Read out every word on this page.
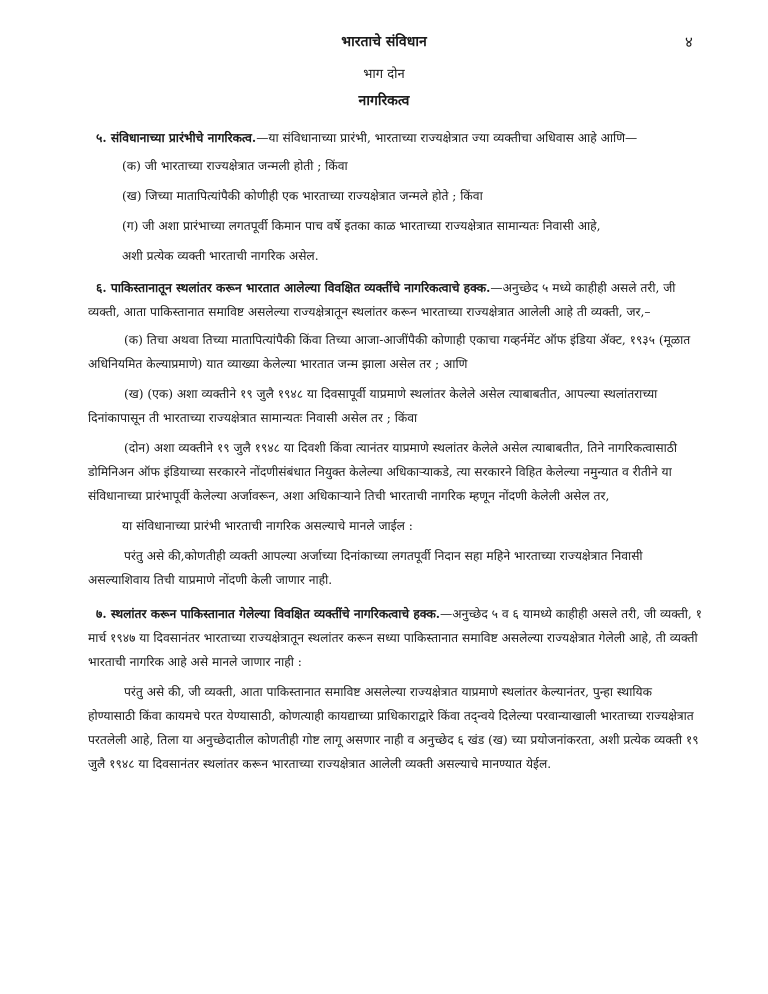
भारताचे संविधान	४
भाग दोन
नागरिकत्व
५. संविधानाच्या प्रारंभीचे नागरिकत्व.—या संविधानाच्या प्रारंभी, भारताच्या राज्यक्षेत्रात ज्या व्यक्तीचा अधिवास आहे आणि—
(क) जी भारताच्या राज्यक्षेत्रात जन्मली होती ; किंवा
(ख) जिच्या मातापित्यांपैकी कोणीही एक भारताच्या राज्यक्षेत्रात जन्मले होते ; किंवा
(ग) जी अशा प्रारंभाच्या लगतपूर्वी किमान पाच वर्षे इतका काळ भारताच्या राज्यक्षेत्रात सामान्यतः निवासी आहे,
अशी प्रत्येक व्यक्ती भारताची नागरिक असेल.
६. पाकिस्तानातून स्थलांतर करून भारतात आलेल्या विवक्षित व्यक्तींचे नागरिकत्वाचे हक्क.—अनुच्छेद ५ मध्ये काहीही असले तरी, जी व्यक्ती, आता पाकिस्तानात समाविष्ट असलेल्या राज्यक्षेत्रातून स्थलांतर करून भारताच्या राज्यक्षेत्रात आलेली आहे ती व्यक्ती, जर,–
(क) तिचा अथवा तिच्या मातापित्यांपैकी किंवा तिच्या आजा-आजींपैकी कोणाही एकाचा गव्हर्नमेंट ऑफ इंडिया ॲक्ट, १९३५ (मूळात अधिनियमित केल्याप्रमाणे) यात व्याख्या केलेल्या भारतात जन्म झाला असेल तर ; आणि
(ख) (एक) अशा व्यक्तीने १९ जुलै १९४८ या दिवसापूर्वी याप्रमाणे स्थलांतर केलेले असेल त्याबाबतीत, आपल्या स्थलांतराच्या दिनांकापासून ती भारताच्या राज्यक्षेत्रात सामान्यतः निवासी असेल तर ; किंवा
(दोन) अशा व्यक्तीने १९ जुलै १९४८ या दिवशी किंवा त्यानंतर याप्रमाणे स्थलांतर केलेले असेल त्याबाबतीत, तिने नागरिकत्वासाठी डोमिनिअन ऑफ इंडियाच्या सरकारने नोंदणीसंबंधात नियुक्त केलेल्या अधिकाऱ्याकडे, त्या सरकारने विहित केलेल्या नमुन्यात व रीतीने या संविधानाच्या प्रारंभापूर्वी केलेल्या अर्जावरून, अशा अधिकाऱ्याने तिची भारताची नागरिक म्हणून नोंदणी केलेली असेल तर,
या संविधानाच्या प्रारंभी भारताची नागरिक असल्याचे मानले जाईल :
परंतु असे की,कोणतीही व्यक्ती आपल्या अर्जाच्या दिनांकाच्या लगतपूर्वी निदान सहा महिने भारताच्या राज्यक्षेत्रात निवासी असल्याशिवाय तिची याप्रमाणे नोंदणी केली जाणार नाही.
७. स्थलांतर करून पाकिस्तानात गेलेल्या विवक्षित व्यक्तींचे नागरिकत्वाचे हक्क.—अनुच्छेद ५ व ६ यामध्ये काहीही असले तरी, जी व्यक्ती, १ मार्च १९४७ या दिवसानंतर भारताच्या राज्यक्षेत्रातून स्थलांतर करून सध्या पाकिस्तानात समाविष्ट असलेल्या राज्यक्षेत्रात गेलेली आहे, ती व्यक्ती भारताची नागरिक आहे असे मानले जाणार नाही :
परंतु असे की, जी व्यक्ती, आता पाकिस्तानात समाविष्ट असलेल्या राज्यक्षेत्रात याप्रमाणे स्थलांतर केल्यानंतर, पुन्हा स्थायिक होण्यासाठी किंवा कायमचे परत येण्यासाठी, कोणत्याही कायद्याच्या प्राधिकाराद्वारे किंवा तद्न्वये दिलेल्या परवान्याखाली भारताच्या राज्यक्षेत्रात परतलेली आहे, तिला या अनुच्छेदातील कोणतीही गोष्ट लागू असणार नाही व अनुच्छेद ६ खंड (ख) च्या प्रयोजनांकरता, अशी प्रत्येक व्यक्ती १९ जुलै १९४८ या दिवसानंतर स्थलांतर करून भारताच्या राज्यक्षेत्रात आलेली व्यक्ती असल्याचे मानण्यात येईल.
